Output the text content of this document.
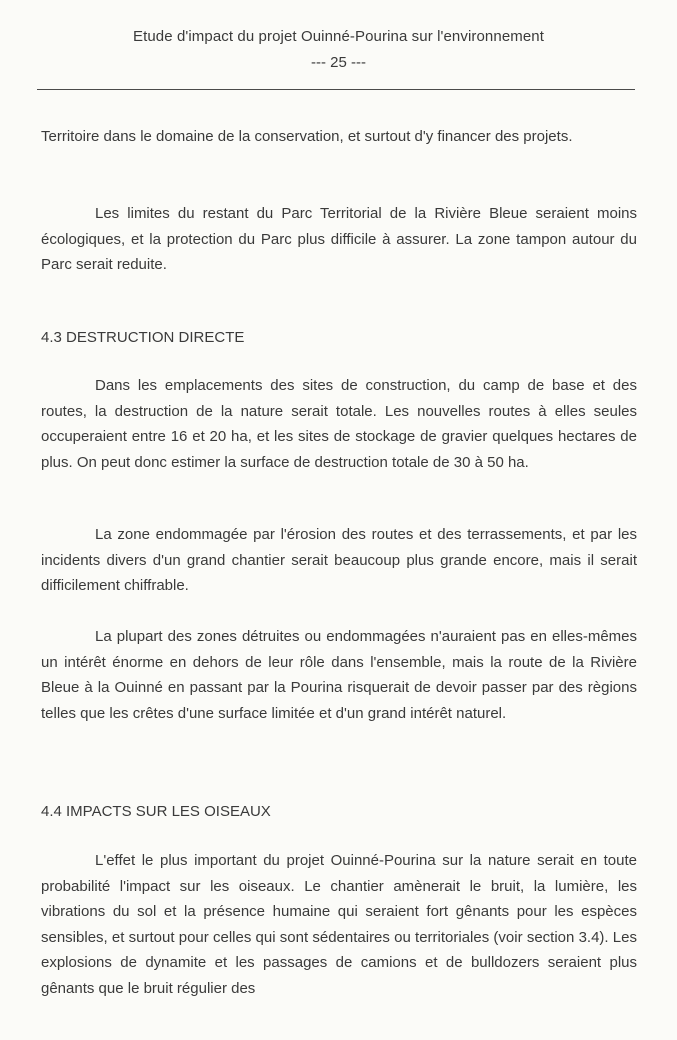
Etude d'impact du projet Ouinné-Pourina sur l'environnement
--- 25 ---

Territoire dans le domaine de la conservation, et surtout d'y financer des projets.

Les limites du restant du Parc Territorial de la Rivière Bleue seraient moins écologiques, et la protection du Parc plus difficile à assurer. La zone tampon autour du Parc serait reduite.

4.3 DESTRUCTION DIRECTE

Dans les emplacements des sites de construction, du camp de base et des routes, la destruction de la nature serait totale. Les nouvelles routes à elles seules occuperaient entre 16 et 20 ha, et les sites de stockage de gravier quelques hectares de plus. On peut donc estimer la surface de destruction totale de 30 à 50 ha.

La zone endommagée par l'érosion des routes et des terrassements, et par les incidents divers d'un grand chantier serait beaucoup plus grande encore, mais il serait difficilement chiffrable.

La plupart des zones détruites ou endommagées n'auraient pas en elles-mêmes un intérêt énorme en dehors de leur rôle dans l'ensemble, mais la route de la Rivière Bleue à la Ouinné en passant par la Pourina risquerait de devoir passer par des règions telles que les crêtes d'une surface limitée et d'un grand intérêt naturel.

4.4 IMPACTS SUR LES OISEAUX

L'effet le plus important du projet Ouinné-Pourina sur la nature serait en toute probabilité l'impact sur les oiseaux. Le chantier amènerait le bruit, la lumière, les vibrations du sol et la présence humaine qui seraient fort gênants pour les espèces sensibles, et surtout pour celles qui sont sédentaires ou territoriales (voir section 3.4). Les explosions de dynamite et les passages de camions et de bulldozers seraient plus gênants que le bruit régulier des
